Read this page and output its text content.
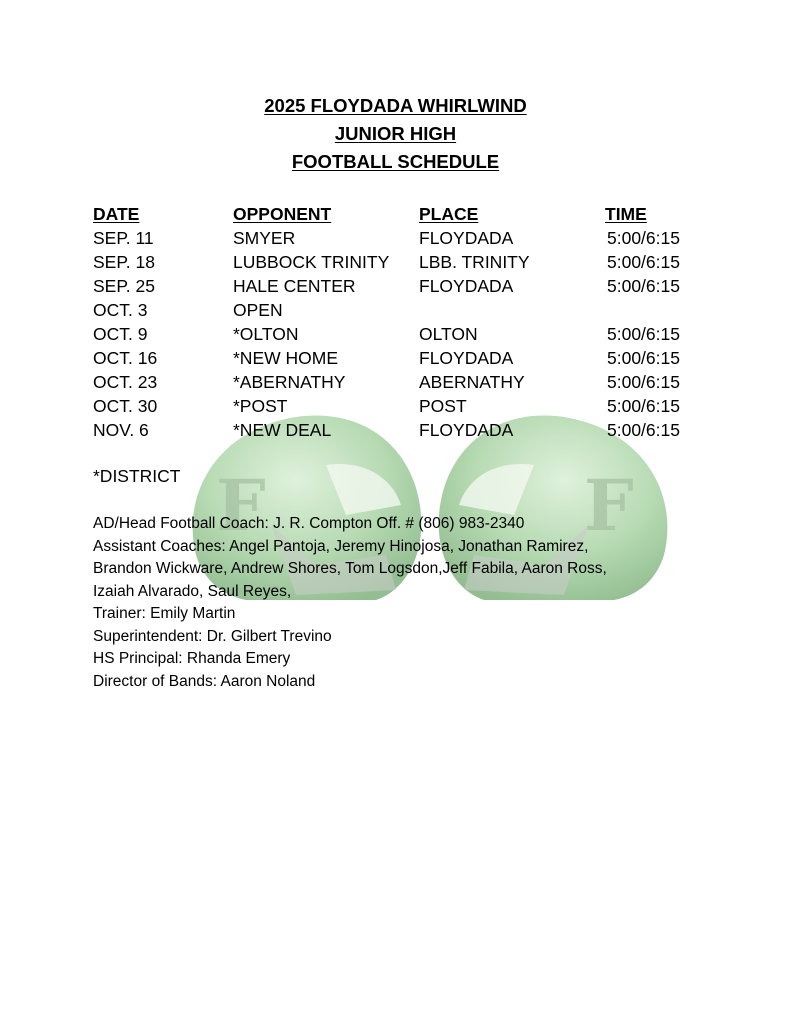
F	F

2025 FLOYDADA WHIRLWIND

JUNIOR HIGH

FOOTBALL SCHEDULE

DATE	OPPONENT	PLACE	TIME
SEP. 11	SMYER	FLOYDADA	5:00/6:15
SEP. 18	LUBBOCK TRINITY	LBB. TRINITY	5:00/6:15
SEP. 25	HALE CENTER	FLOYDADA	5:00/6:15
OCT. 3	OPEN		
OCT. 9	*OLTON	OLTON	5:00/6:15
OCT. 16	*NEW HOME	FLOYDADA	5:00/6:15
OCT. 23	*ABERNATHY	ABERNATHY	5:00/6:15
OCT. 30	*POST	POST	5:00/6:15
NOV. 6	*NEW DEAL	FLOYDADA	5:00/6:15
*DISTRICT
AD/Head Football Coach: J. R. Compton Off. # (806) 983-2340
Assistant Coaches: Angel Pantoja, Jeremy Hinojosa, Jonathan Ramirez,
Brandon Wickware, Andrew Shores, Tom Logsdon,Jeff Fabila, Aaron Ross,
Izaiah Alvarado, Saul Reyes,
Trainer: Emily Martin
Superintendent: Dr. Gilbert Trevino
HS Principal: Rhanda Emery
Director of Bands: Aaron Noland
